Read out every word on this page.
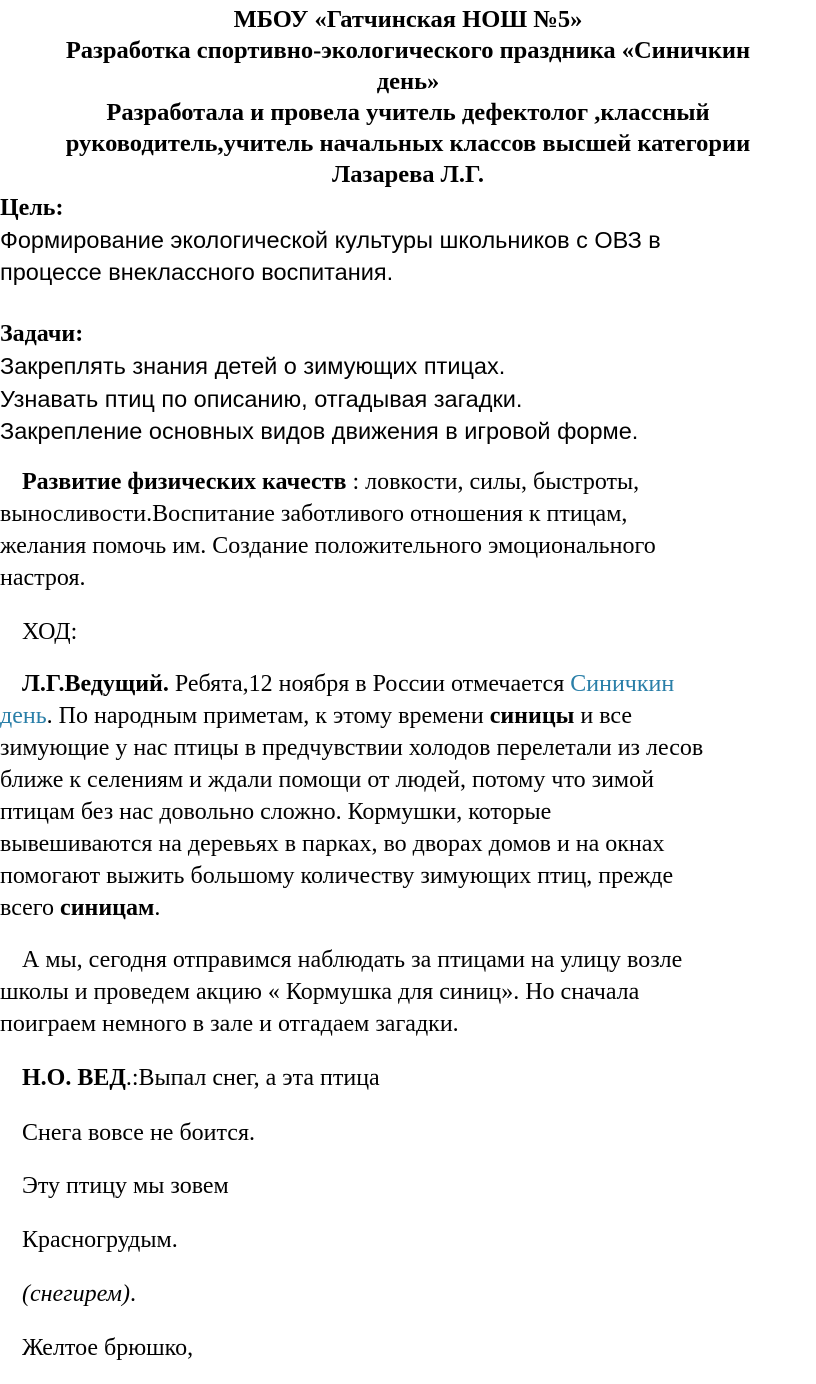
МБОУ «Гатчинская НОШ №5»
Разработка спортивно-экологического праздника «Синичкин
день»
Разработала и провела учитель дефектолог ,классный
руководитель,учитель начальных классов высшей категории
Лазарева Л.Г.
Цель:
Формирование экологической культуры школьников с ОВЗ в
процессе внеклассного воспитания.
Задачи:
Закреплять знания детей о зимующих птицах.
Узнавать птиц по описанию, отгадывая загадки.
Закрепление основных видов движения в игровой форме.
Развитие физических качеств : ловкости, силы, быстроты,
выносливости.Воспитание заботливого отношения к птицам,
желания помочь им. Создание положительного эмоционального
настроя.
ХОД:
Л.Г.Ведущий. Ребята,12 ноября в России отмечается Синичкин
день. По народным приметам, к этому времени синицы и все
зимующие у нас птицы в предчувствии холодов перелетали из лесов
ближе к селениям и ждали помощи от людей, потому что зимой
птицам без нас довольно сложно. Кормушки, которые
вывешиваются на деревьях в парках, во дворах домов и на окнах
помогают выжить большому количеству зимующих птиц, прежде
всего синицам.
А мы, сегодня отправимся наблюдать за птицами на улицу возле
школы и проведем акцию « Кормушка для синиц». Но сначала
поиграем немного в зале и отгадаем загадки.
Н.О. ВЕД.:Выпал снег, а эта птица
Снега вовсе не боится.
Эту птицу мы зовем
Красногрудым.
(снегирем).
Желтое брюшко,
